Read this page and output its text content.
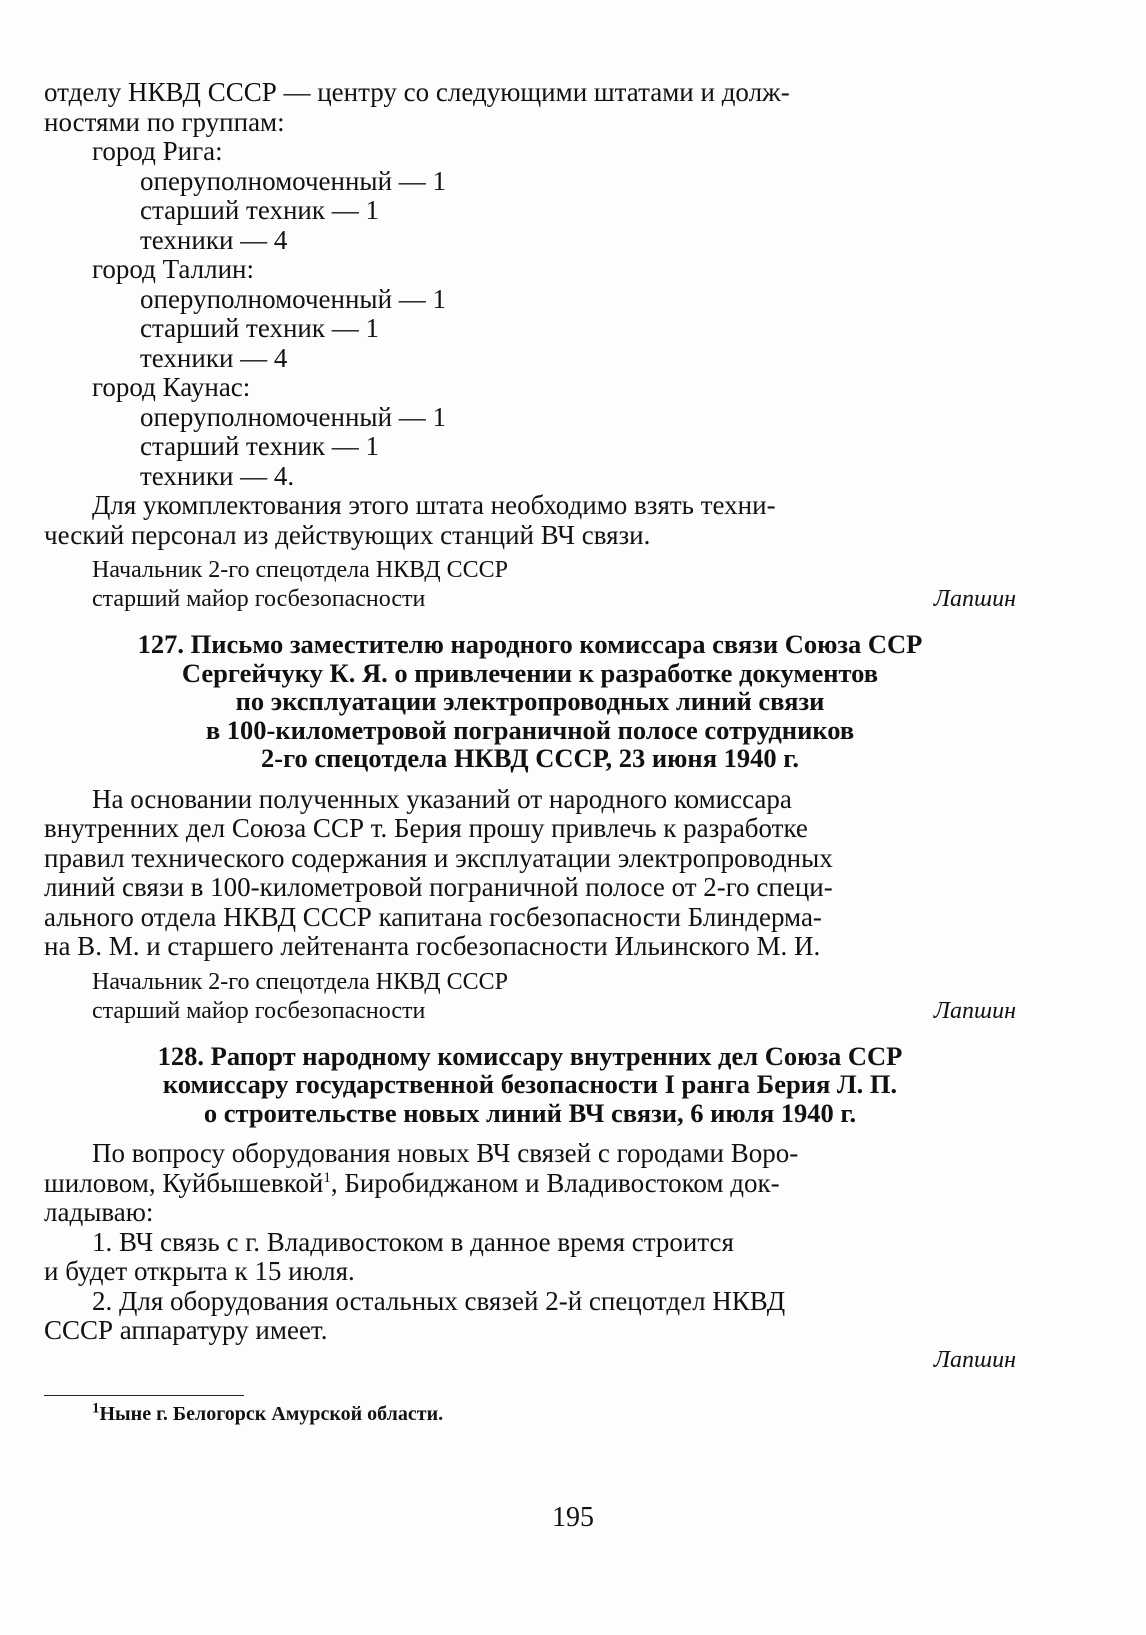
отделу НКВД СССР — центру со следующими штатами и долж-
ностями по группам:
город Рига:
оперуполномоченный — 1
старший техник — 1
техники — 4
город Таллин:
оперуполномоченный — 1
старший техник — 1
техники — 4
город Каунас:
оперуполномоченный — 1
старший техник — 1
техники — 4.
Для укомплектования этого штата необходимо взять техни-
ческий персонал из действующих станций ВЧ связи.
Начальник 2-го спецотдела НКВД СССР
старший майор госбезопасности	Лапшин
127. Письмо заместителю народного комиссара связи Союза ССР
Сергейчуку К. Я. о привлечении к разработке документов
по эксплуатации электропроводных линий связи
в 100-километровой пограничной полосе сотрудников
2-го спецотдела НКВД СССР, 23 июня 1940 г.
На основании полученных указаний от народного комиссара
внутренних дел Союза ССР т. Берия прошу привлечь к разработке
правил технического содержания и эксплуатации электропроводных
линий связи в 100-километровой пограничной полосе от 2-го специ-
ального отдела НКВД СССР капитана госбезопасности Блиндерма-
на В. М. и старшего лейтенанта госбезопасности Ильинского М. И.
Начальник 2-го спецотдела НКВД СССР
старший майор госбезопасности	Лапшин
128. Рапорт народному комиссару внутренних дел Союза ССР
комиссару государственной безопасности I ранга Берия Л. П.
о строительстве новых линий ВЧ связи, 6 июля 1940 г.
По вопросу оборудования новых ВЧ связей с городами Воро-
шиловом, Куйбышевкой$^1$, Биробиджаном и Владивостоком док-
ладываю:
1. ВЧ связь с г. Владивостоком в данное время строится
и будет открыта к 15 июля.
2. Для оборудования остальных связей 2-й спецотдел НКВД
СССР аппаратуру имеет.

Лапшин

$^1$Ныне г. Белогорск Амурской области.

195
